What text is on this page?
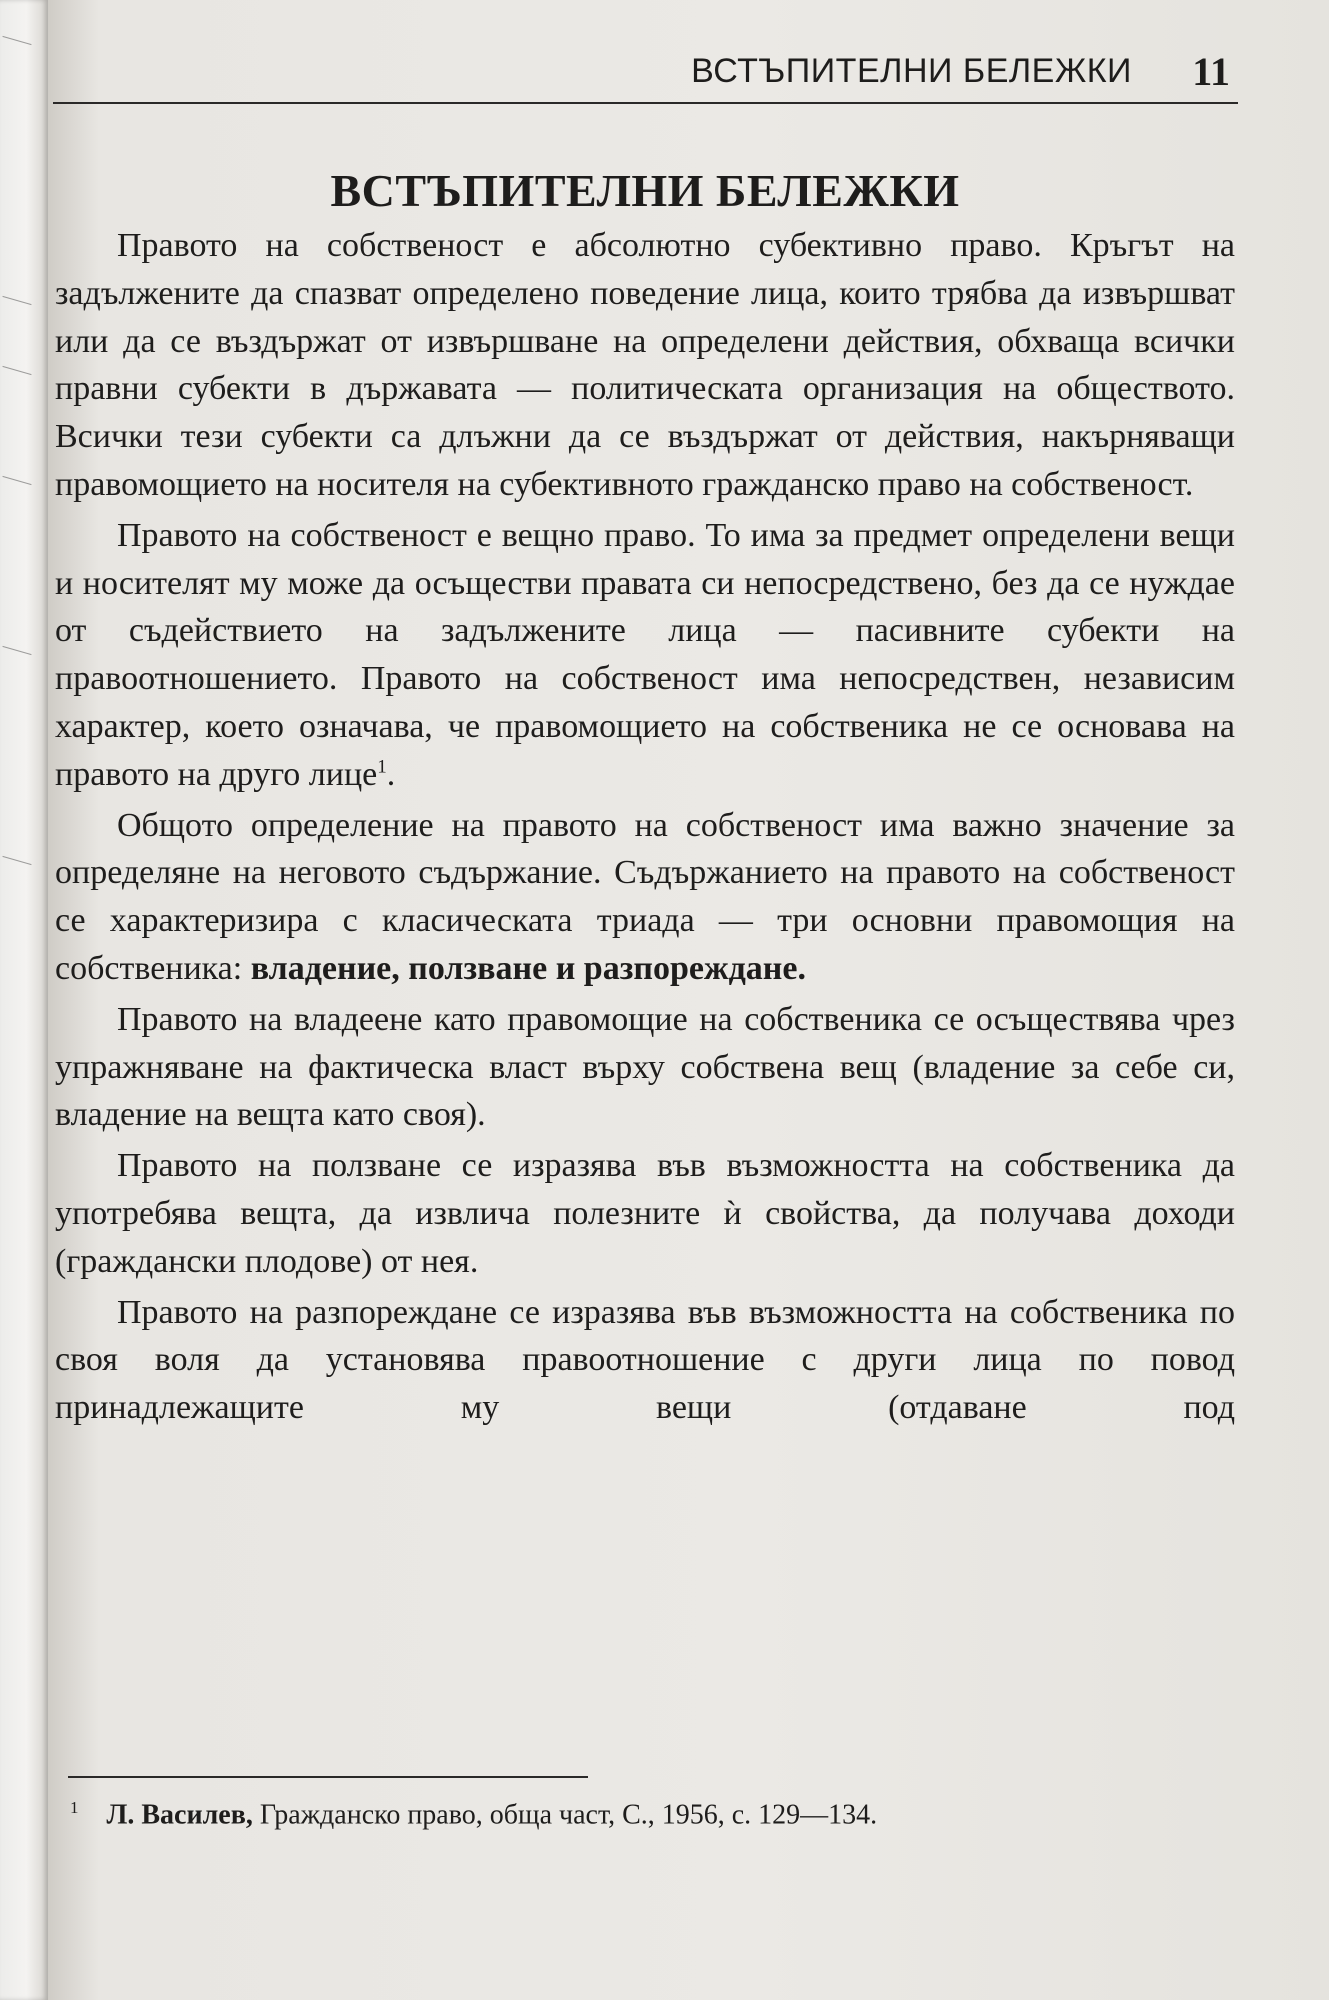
ВСТЪПИТЕЛНИ БЕЛЕЖКИ 11
ВСТЪПИТЕЛНИ БЕЛЕЖКИ

Правото на собственост е абсолютно субективно право. Кръгът на задължените да спазват определено поведение лица, които трябва да извършват или да се въздържат от извършване на определени действия, обхваща всички правни субекти в държавата — политическата организация на обществото. Всички тези субекти са длъжни да се въздържат от действия, накърняващи правомощието на носителя на субективното гражданско право на собственост.

Правото на собственост е вещно право. То има за предмет определени вещи и носителят му може да осъществи правата си непосредствено, без да се нуждае от съдействието на задължените лица — пасивните субекти на правоотношението. Правото на собственост има непосредствен, независим характер, което означава, че правомощието на собственика не се основава на правото на друго лице$^1$.

Общото определение на правото на собственост има важно значение за определяне на неговото съдържание. Съдържанието на правото на собственост се характеризира с класическата триада — три основни правомощия на собственика: владение, ползване и разпореждане.

Правото на владеене като правомощие на собственика се осъществява чрез упражняване на фактическа власт върху собствена вещ (владение за себе си, владение на вещта като своя).

Правото на ползване се изразява във възможността на собственика да употребява вещта, да извлича полезните ѝ свойства, да получава доходи (граждански плодове) от нея.

Правото на разпореждане се изразява във възможността на собственика по своя воля да установява правоотношение с други лица по повод принадлежащите му вещи (отдаване под

$^1$ Л. Василев, Гражданско право, обща част, С., 1956, с. 129—134.
